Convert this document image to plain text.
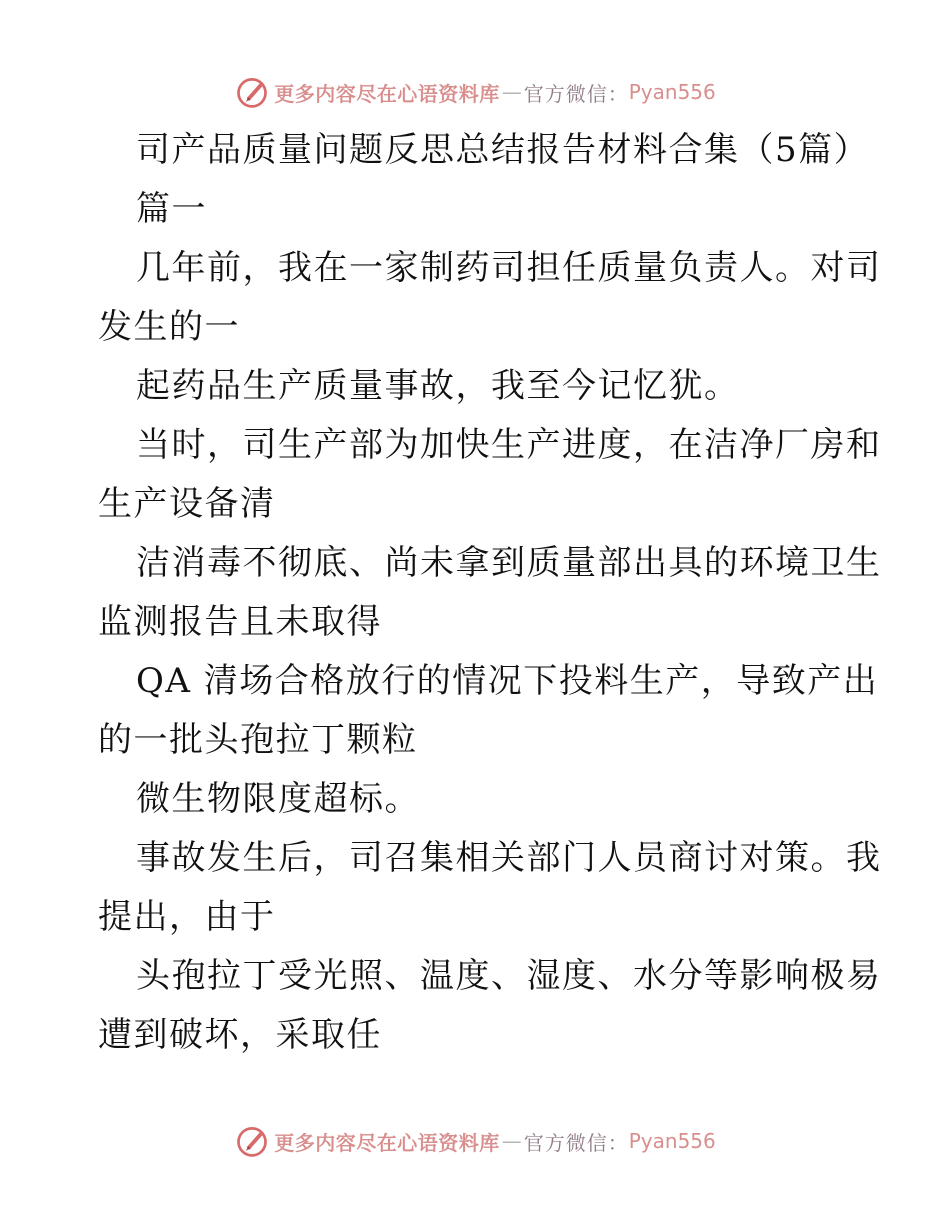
更多内容尽在心语资料库 — 官方微信： Pyan556
司产品质量问题反思总结报告材料合集（5篇）
篇一
几年前，我在一家制药司担任质量负责人。对司
发生的一
起药品生产质量事故，我至今记忆犹。
当时，司生产部为加快生产进度，在洁净厂房和
生产设备清
洁消毒不彻底、尚未拿到质量部出具的环境卫生
监测报告且未取得
QA 清场合格放行的情况下投料生产，导致产出
的一批头孢拉丁颗粒
微生物限度超标。
事故发生后，司召集相关部门人员商讨对策。我
提出，由于
头孢拉丁受光照、温度、湿度、水分等影响极易
遭到破坏，采取任
更多内容尽在心语资料库 — 官方微信： Pyan556
